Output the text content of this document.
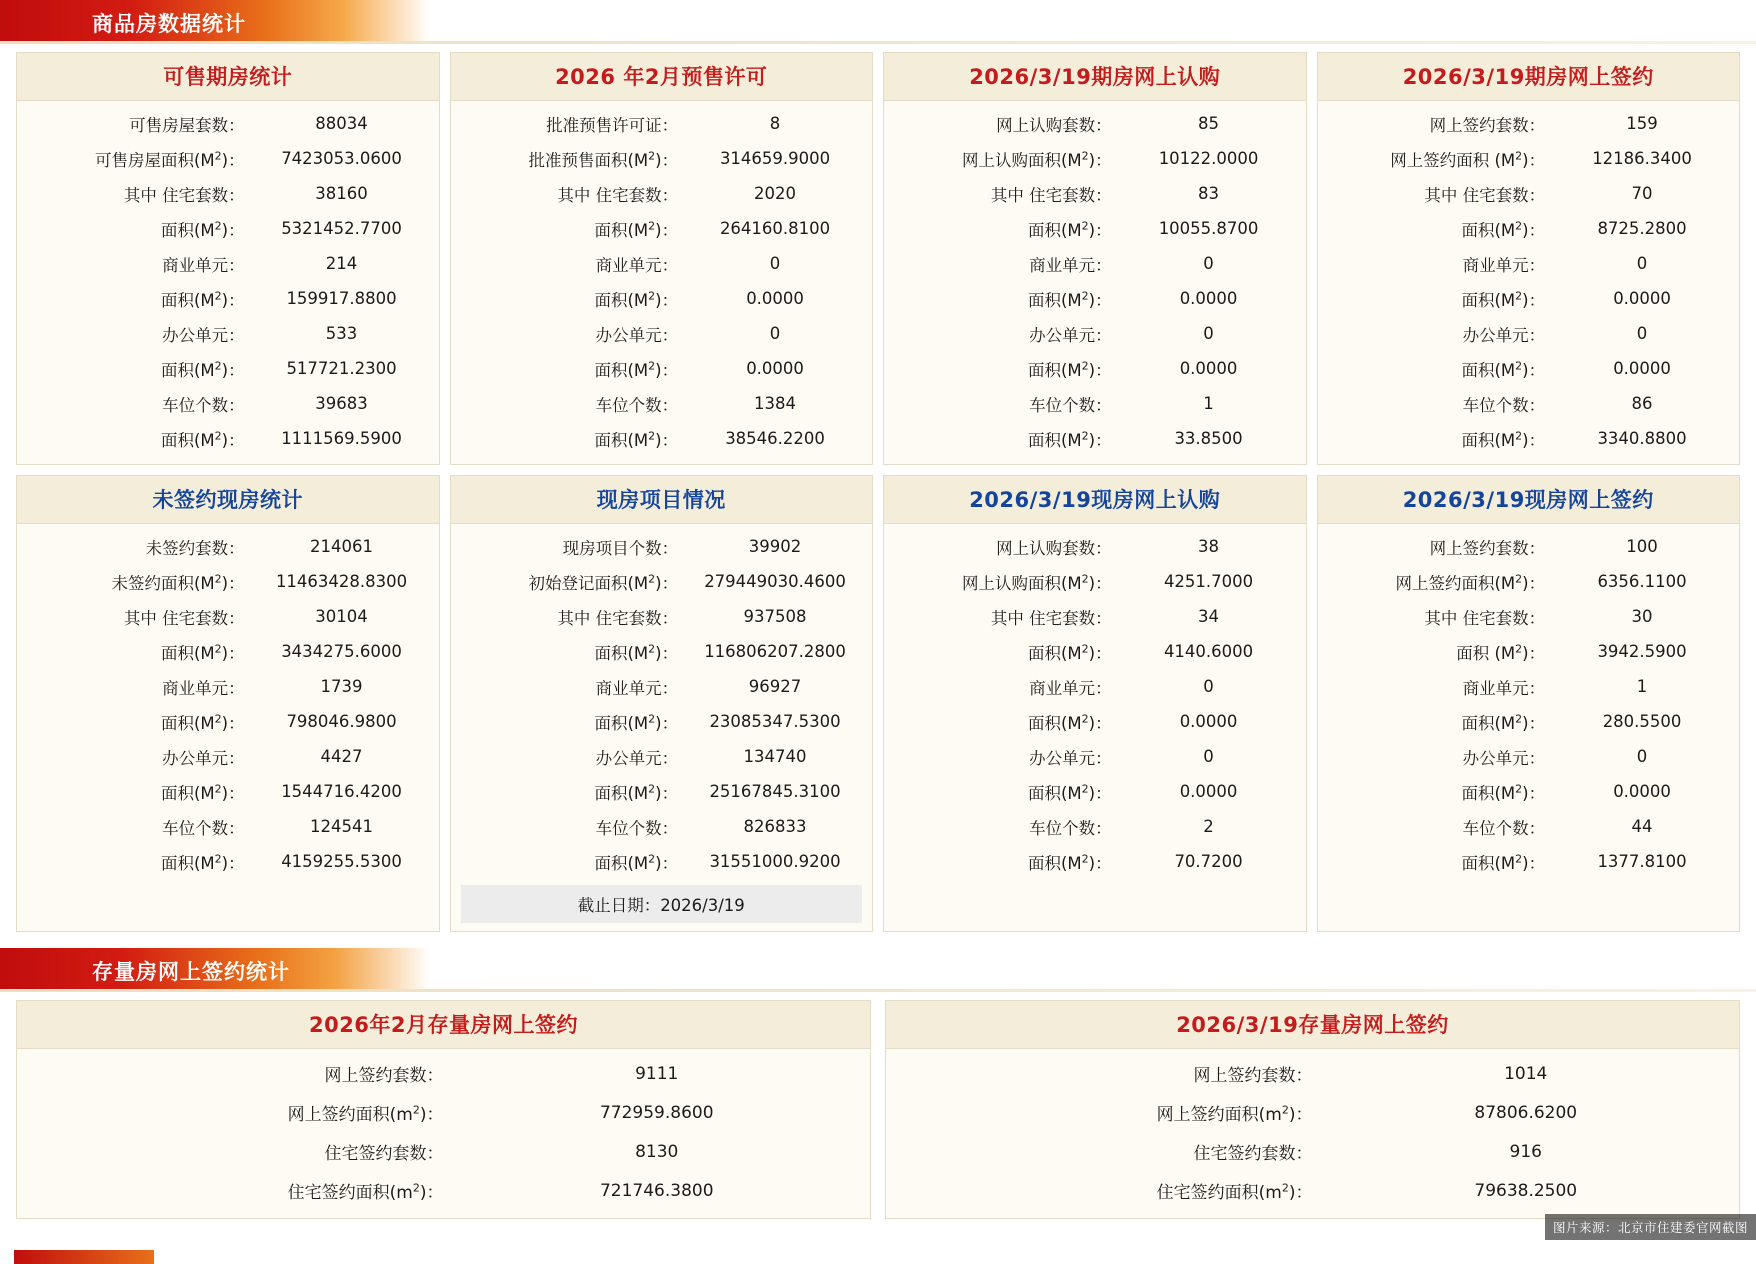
商品房数据统计
可售期房统计
可售房屋套数：	88034
可售房屋面积$(M^2)$：	7423053.0600
其中 住宅套数：	38160
面积$(M^2)$：	5321452.7700
商业单元：	214
面积$(M^2)$：	159917.8800
办公单元：	533
面积$(M^2)$：	517721.2300
车位个数：	39683
面积$(M^2)$：	1111569.5900
2026 年2月预售许可
批准预售许可证：	8
批准预售面积$(M^2)$：	314659.9000
其中 住宅套数：	2020
面积$(M^2)$：	264160.8100
商业单元：	0
面积$(M^2)$：	0.0000
办公单元：	0
面积$(M^2)$：	0.0000
车位个数：	1384
面积$(M^2)$：	38546.2200
2026/3/19期房网上认购
网上认购套数：	85
网上认购面积$(M^2)$：	10122.0000
其中 住宅套数：	83
面积$(M^2)$：	10055.8700
商业单元：	0
面积$(M^2)$：	0.0000
办公单元：	0
面积$(M^2)$：	0.0000
车位个数：	1
面积$(M^2)$：	33.8500
2026/3/19期房网上签约
网上签约套数：	159
网上签约面积 $(M^2)$：	12186.3400
其中 住宅套数：	70
面积$(M^2)$：	8725.2800
商业单元：	0
面积$(M^2)$：	0.0000
办公单元：	0
面积$(M^2)$：	0.0000
车位个数：	86
面积$(M^2)$：	3340.8800
未签约现房统计
未签约套数：	214061
未签约面积$(M^2)$：	11463428.8300
其中 住宅套数：	30104
面积$(M^2)$：	3434275.6000
商业单元：	1739
面积$(M^2)$：	798046.9800
办公单元：	4427
面积$(M^2)$：	1544716.4200
车位个数：	124541
面积$(M^2)$：	4159255.5300
现房项目情况
现房项目个数：	39902
初始登记面积$(M^2)$：	279449030.4600
其中 住宅套数：	937508
面积$(M^2)$：	116806207.2800
商业单元：	96927
面积$(M^2)$：	23085347.5300
办公单元：	134740
面积$(M^2)$：	25167845.3100
车位个数：	826833
面积$(M^2)$：	31551000.9200
截止日期：2026/3/19
2026/3/19现房网上认购
网上认购套数：	38
网上认购面积$(M^2)$：	4251.7000
其中 住宅套数：	34
面积$(M^2)$：	4140.6000
商业单元：	0
面积$(M^2)$：	0.0000
办公单元：	0
面积$(M^2)$：	0.0000
车位个数：	2
面积$(M^2)$：	70.7200
2026/3/19现房网上签约
网上签约套数：	100
网上签约面积$(M^2)$：	6356.1100
其中 住宅套数：	30
面积 $(M^2)$：	3942.5900
商业单元：	1
面积$(M^2)$：	280.5500
办公单元：	0
面积$(M^2)$：	0.0000
车位个数：	44
面积$(M^2)$：	1377.8100
存量房网上签约统计
2026年2月存量房网上签约
网上签约套数：	9111
网上签约面积$(m^2)$：	772959.8600
住宅签约套数：	8130
住宅签约面积$(m^2)$：	721746.3800
2026/3/19存量房网上签约
网上签约套数：	1014
网上签约面积$(m^2)$：	87806.6200
住宅签约套数：	916
住宅签约面积$(m^2)$：	79638.2500
图片来源：北京市住建委官网截图
